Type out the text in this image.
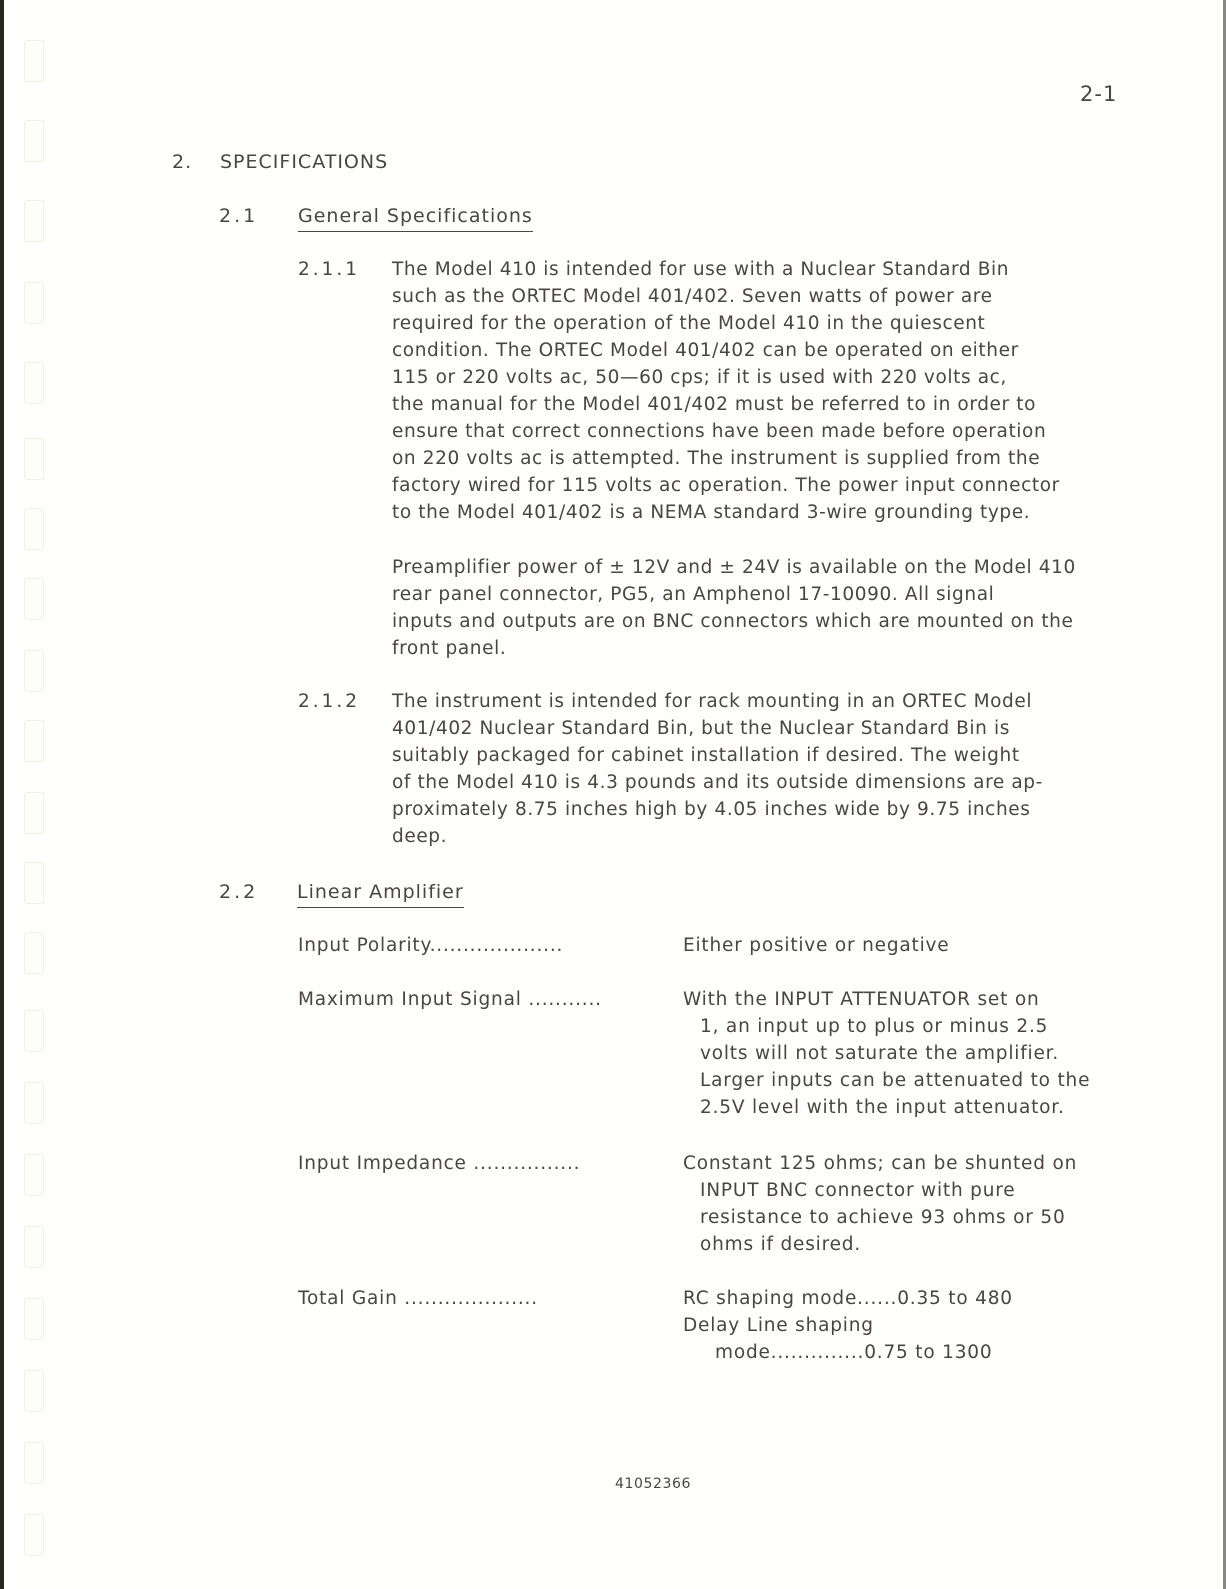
2-1
2. SPECIFICATIONS
2.1 General Specifications
2.1.1 The Model 410 is intended for use with a Nuclear Standard Bin
such as the ORTEC Model 401/402. Seven watts of power are
required for the operation of the Model 410 in the quiescent
condition. The ORTEC Model 401/402 can be operated on either
115 or 220 volts ac, 50—60 cps; if it is used with 220 volts ac,
the manual for the Model 401/402 must be referred to in order to
ensure that correct connections have been made before operation
on 220 volts ac is attempted. The instrument is supplied from the
factory wired for 115 volts ac operation. The power input connector
to the Model 401/402 is a NEMA standard 3-wire grounding type.
Preamplifier power of ± 12V and ± 24V is available on the Model 410
rear panel connector, PG5, an Amphenol 17-10090. All signal
inputs and outputs are on BNC connectors which are mounted on the
front panel.
2.1.2 The instrument is intended for rack mounting in an ORTEC Model
401/402 Nuclear Standard Bin, but the Nuclear Standard Bin is
suitably packaged for cabinet installation if desired. The weight
of the Model 410 is 4.3 pounds and its outside dimensions are ap-
proximately 8.75 inches high by 4.05 inches wide by 9.75 inches
deep.
2.2 Linear Amplifier
Input Polarity....................	Either positive or negative
Maximum Input Signal ...........	With the INPUT ATTENUATOR set on
1, an input up to plus or minus 2.5
volts will not saturate the amplifier.
Larger inputs can be attenuated to the
2.5V level with the input attenuator.
Input Impedance ................	Constant 125 ohms; can be shunted on
INPUT BNC connector with pure
resistance to achieve 93 ohms or 50
ohms if desired.
Total Gain ....................	RC shaping mode......0.35 to 480
Delay Line shaping
mode..............0.75 to 1300
41052366
